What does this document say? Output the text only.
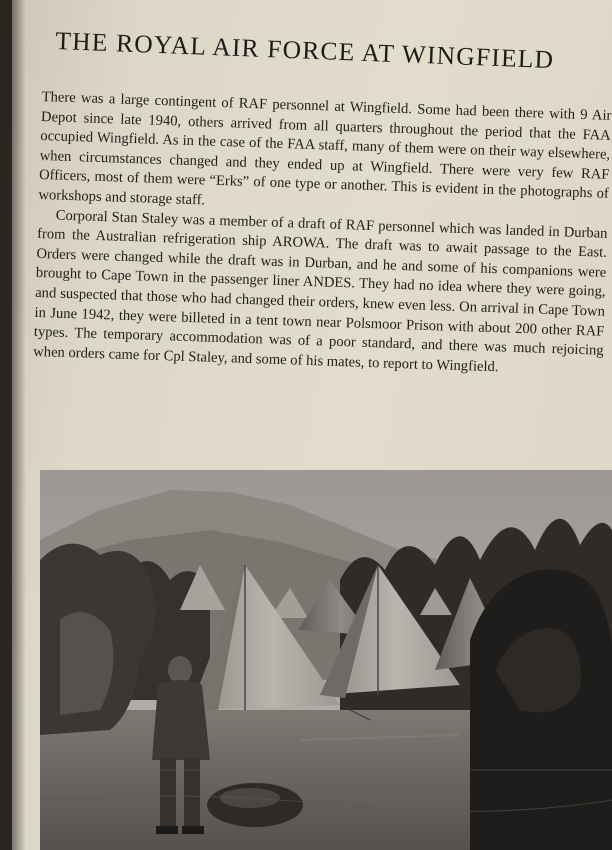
THE ROYAL AIR FORCE AT WINGFIELD

There was a large contingent of RAF personnel at Wingfield. Some had been there with 9 Air Depot since late 1940, others arrived from all quarters throughout the period that the FAA occupied Wingfield. As in the case of the FAA staff, many of them were on their way elsewhere, when circumstances changed and they ended up at Wingfield. There were very few RAF Officers, most of them were “Erks” of one type or another. This is evident in the photographs of workshops and storage staff.

Corporal Stan Staley was a member of a draft of RAF personnel which was landed in Durban from the Australian refrigeration ship AROWA. The draft was to await passage to the East. Orders were changed while the draft was in Durban, and he and some of his companions were brought to Cape Town in the passenger liner ANDES. They had no idea where they were going, and suspected that those who had changed their orders, knew even less. On arrival in Cape Town in June 1942, they were billeted in a tent town near Polsmoor Prison with about 200 other RAF types. The temporary accommodation was of a poor standard, and there was much rejoicing when orders came for Cpl Staley, and some of his mates, to report to Wingfield.
